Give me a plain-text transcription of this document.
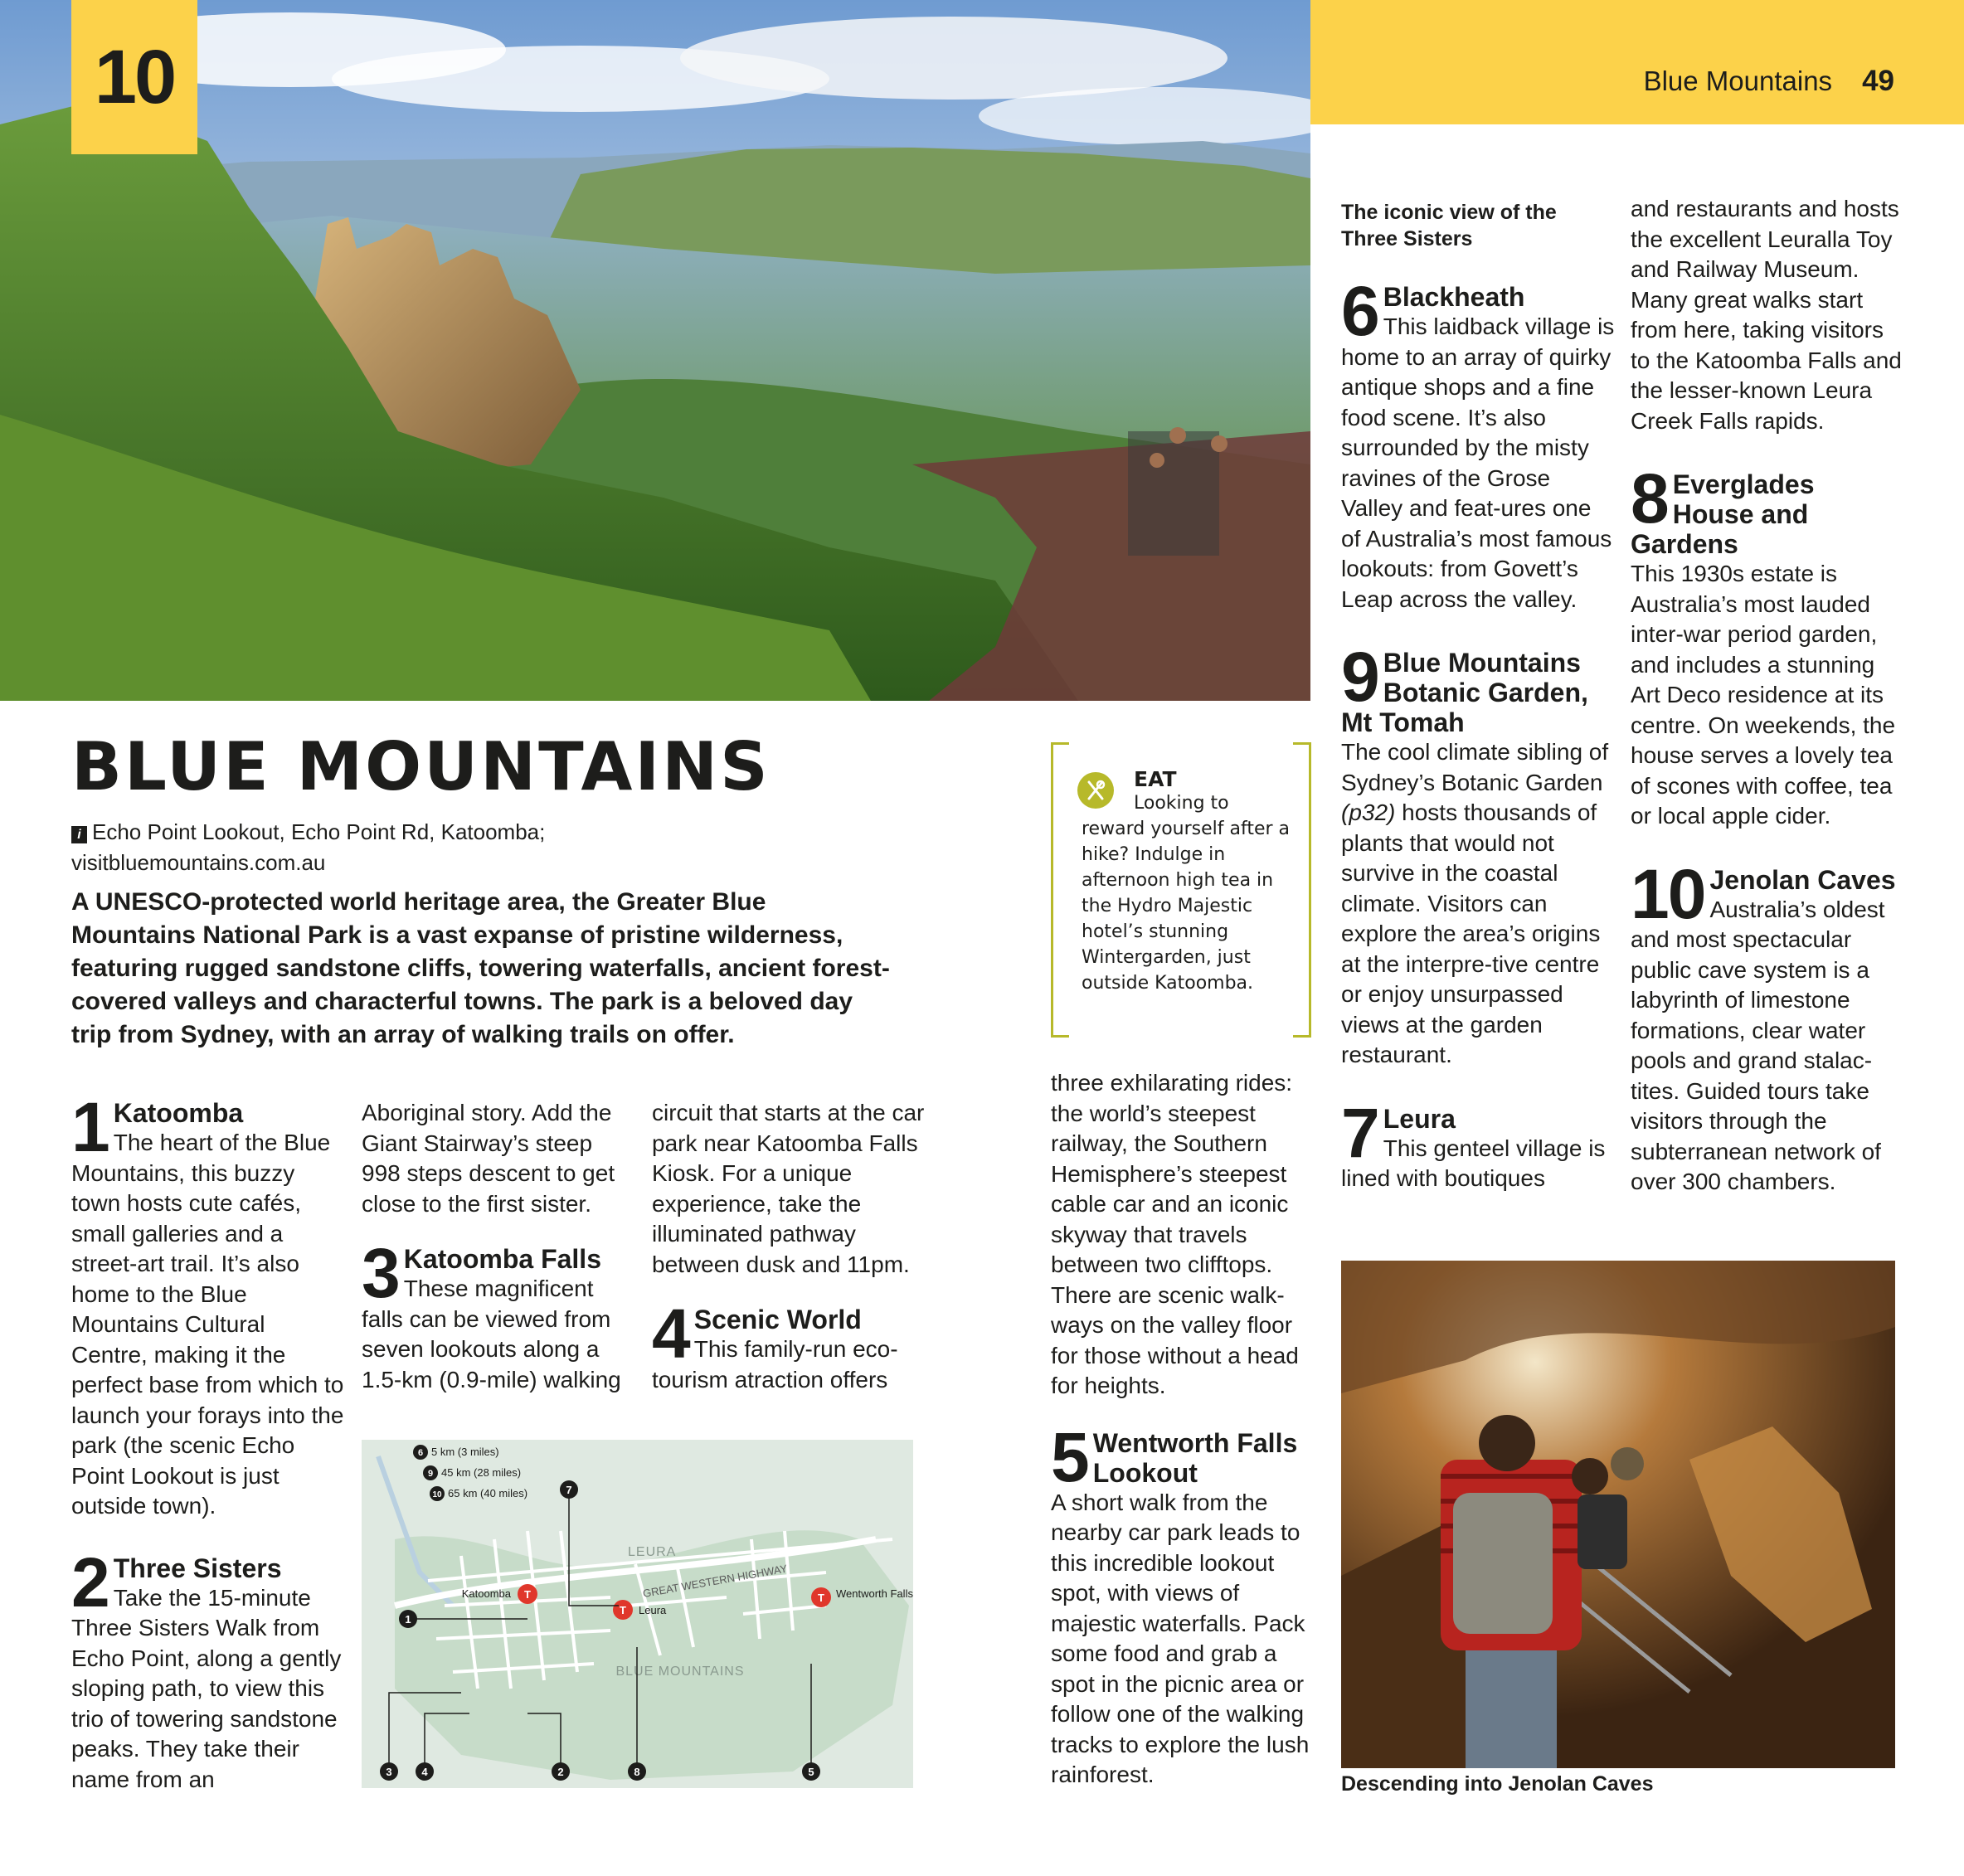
10	Blue Mountains 49
BLUE MOUNTAINS
i Echo Point Lookout, Echo Point Rd, Katoomba;
visitbluemountains.com.au
A UNESCO-protected world heritage area, the Greater Blue Mountains National Park is a vast expanse of pristine wilderness, featuring rugged sandstone cliffs, towering waterfalls, ancient forest-covered valleys and characterful towns. The park is a beloved day trip from Sydney, with an array of walking trails on offer.
1 Katoomba
The heart of the Blue Mountains, this buzzy town hosts cute cafés, small galleries and a street-art trail. It’s also home to the Blue Mountains Cultural Centre, making it the perfect base from which to launch your forays into the park (the scenic Echo Point Lookout is just outside town).
2 Three Sisters
Take the 15-minute Three Sisters Walk from Echo Point, along a gently sloping path, to view this trio of towering sandstone peaks. They take their name from an

Aboriginal story. Add the Giant Stairway’s steep 998 steps descent to get close to the first sister.

3 Katoomba Falls
These magnificent falls can be viewed from seven lookouts along a 1.5-km (0.9-mile) walking

circuit that starts at the car park near Katoomba Falls Kiosk. For a unique experience, take the illuminated pathway between dusk and 11pm.

4 Scenic World
This family-run eco-tourism atraction offers
EAT
Looking to reward yourself after a hike? Indulge in afternoon high tea in the Hydro Majestic hotel’s stunning Wintergarden, just outside Katoomba.

three exhilarating rides: the world’s steepest railway, the Southern Hemisphere’s steepest cable car and an iconic skyway that travels between two clifftops. There are scenic walk-ways on the valley floor for those without a head for heights.

5 Wentworth Falls Lookout
A short walk from the nearby car park leads to this incredible lookout spot, with views of majestic waterfalls. Pack some food and grab a spot in the picnic area or follow one of the walking tracks to explore the lush rainforest.
The iconic view of the Three Sisters
6 Blackheath
This laidback village is home to an array of quirky antique shops and a fine food scene. It’s also surrounded by the misty ravines of the Grose Valley and feat-ures one of Australia’s most famous lookouts: from Govett’s Leap across the valley.
9 Blue Mountains
Botanic Garden,
Mt Tomah
The cool climate sibling of Sydney’s Botanic Garden (p32) hosts thousands of plants that would not survive in the coastal climate. Visitors can explore the area’s origins at the interpre-tive centre or enjoy unsurpassed views at the garden restaurant.
7 Leura
This genteel village is lined with boutiques

and restaurants and hosts the excellent Leuralla Toy and Railway Museum. Many great walks start from here, taking visitors to the Katoomba Falls and the lesser-known Leura Creek Falls rapids.

8 Everglades
House and
Gardens
This 1930s estate is Australia’s most lauded inter-war period garden, and includes a stunning Art Deco residence at its centre. On weekends, the house serves a lovely tea of scones with coffee, tea or local apple cider.
10 Jenolan Caves
Australia’s oldest and most spectacular public cave system is a labyrinth of limestone formations, clear water pools and grand stalac-tites. Guided tours take visitors through the subterranean network of over 300 chambers.
6 5 km (3 miles)
9 45 km (28 miles)
10 65 km (40 miles)
LEURA
GREAT WESTERN HIGHWAY
BLUE MOUNTAINS
Katoomba T
T Leura
T Wentworth Falls
1
2
3	4	5
7
8
Descending into Jenolan Caves
